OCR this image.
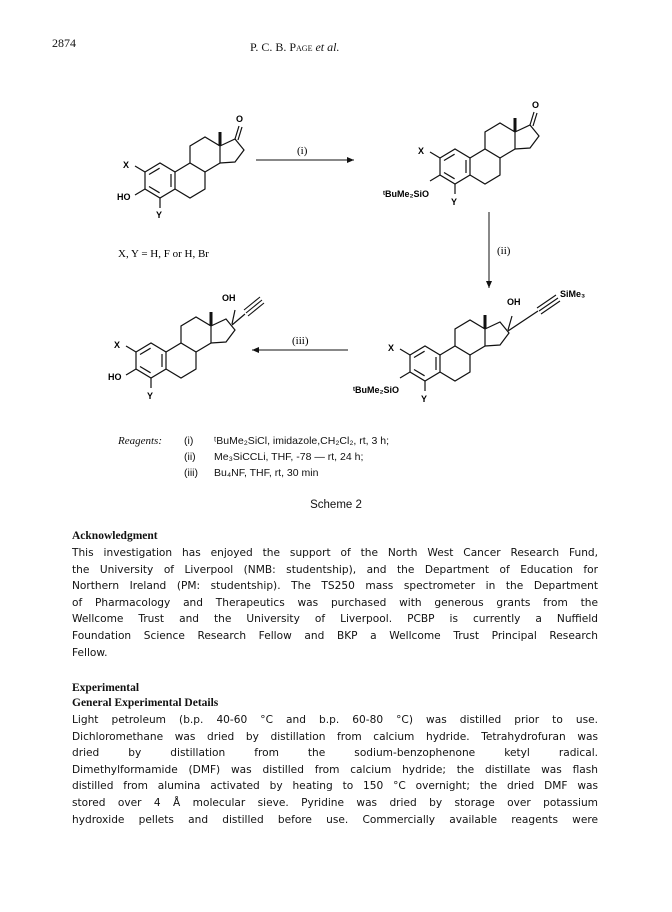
2874	P. C. B. Page et al.
O
X
HO
Y
(i)
O
X
ᵗBuMe₂SiO
Y
X, Y = H, F or H, Br	(ii)
OH
SiMe₃
X
ᵗBuMe₂SiO
Y
(iii)
OH
X
HO
Y
Reagents: (i) ᵗBuMe₂SiCl, imidazole,CH₂Cl₂, rt, 3 h;
(ii) Me₃SiCCLi, THF, -78 — rt, 24 h;
(iii) Bu₄NF, THF, rt, 30 min
Scheme 2
Acknowledgment
This investigation has enjoyed the support of the North West Cancer Research Fund,
the University of Liverpool (NMB: studentship), and the Department of Education for
Northern Ireland (PM: studentship). The TS250 mass spectrometer in the Department
of Pharmacology and Therapeutics was purchased with generous grants from the
Wellcome Trust and the University of Liverpool. PCBP is currently a Nuffield
Foundation Science Research Fellow and BKP a Wellcome Trust Principal Research
Fellow.
Experimental
General Experimental Details
Light petroleum (b.p. 40-60 °C and b.p. 60-80 °C) was distilled prior to use.
Dichloromethane was dried by distillation from calcium hydride. Tetrahydrofuran was
dried by distillation from the sodium-benzophenone ketyl radical.
Dimethylformamide (DMF) was distilled from calcium hydride; the distillate was flash
distilled from alumina activated by heating to 150 °C overnight; the dried DMF was
stored over 4 Å molecular sieve. Pyridine was dried by storage over potassium
hydroxide pellets and distilled before use. Commercially available reagents were
